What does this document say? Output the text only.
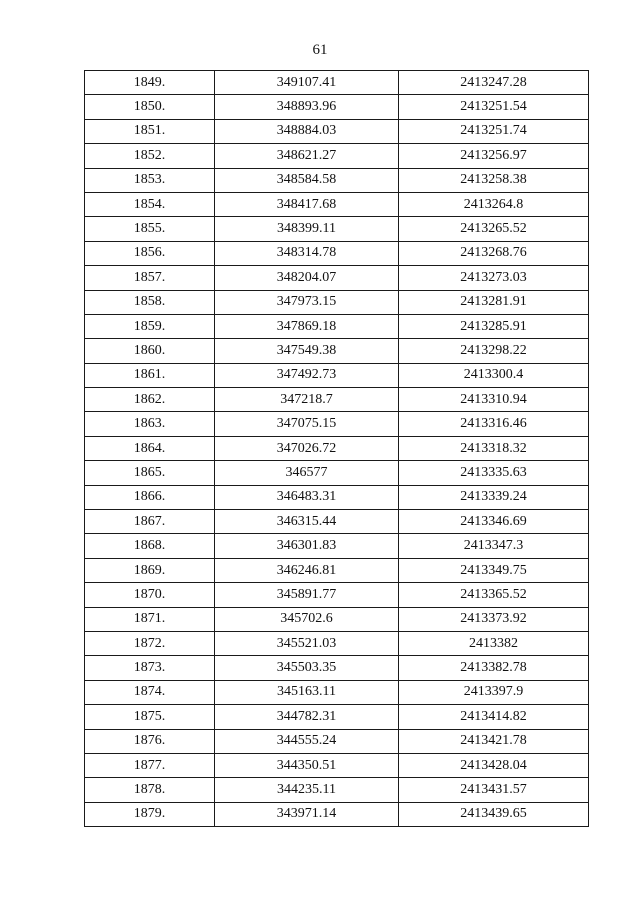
61
1849.	349107.41	2413247.28
1850.	348893.96	2413251.54
1851.	348884.03	2413251.74
1852.	348621.27	2413256.97
1853.	348584.58	2413258.38
1854.	348417.68	2413264.8
1855.	348399.11	2413265.52
1856.	348314.78	2413268.76
1857.	348204.07	2413273.03
1858.	347973.15	2413281.91
1859.	347869.18	2413285.91
1860.	347549.38	2413298.22
1861.	347492.73	2413300.4
1862.	347218.7	2413310.94
1863.	347075.15	2413316.46
1864.	347026.72	2413318.32
1865.	346577	2413335.63
1866.	346483.31	2413339.24
1867.	346315.44	2413346.69
1868.	346301.83	2413347.3
1869.	346246.81	2413349.75
1870.	345891.77	2413365.52
1871.	345702.6	2413373.92
1872.	345521.03	2413382
1873.	345503.35	2413382.78
1874.	345163.11	2413397.9
1875.	344782.31	2413414.82
1876.	344555.24	2413421.78
1877.	344350.51	2413428.04
1878.	344235.11	2413431.57
1879.	343971.14	2413439.65
